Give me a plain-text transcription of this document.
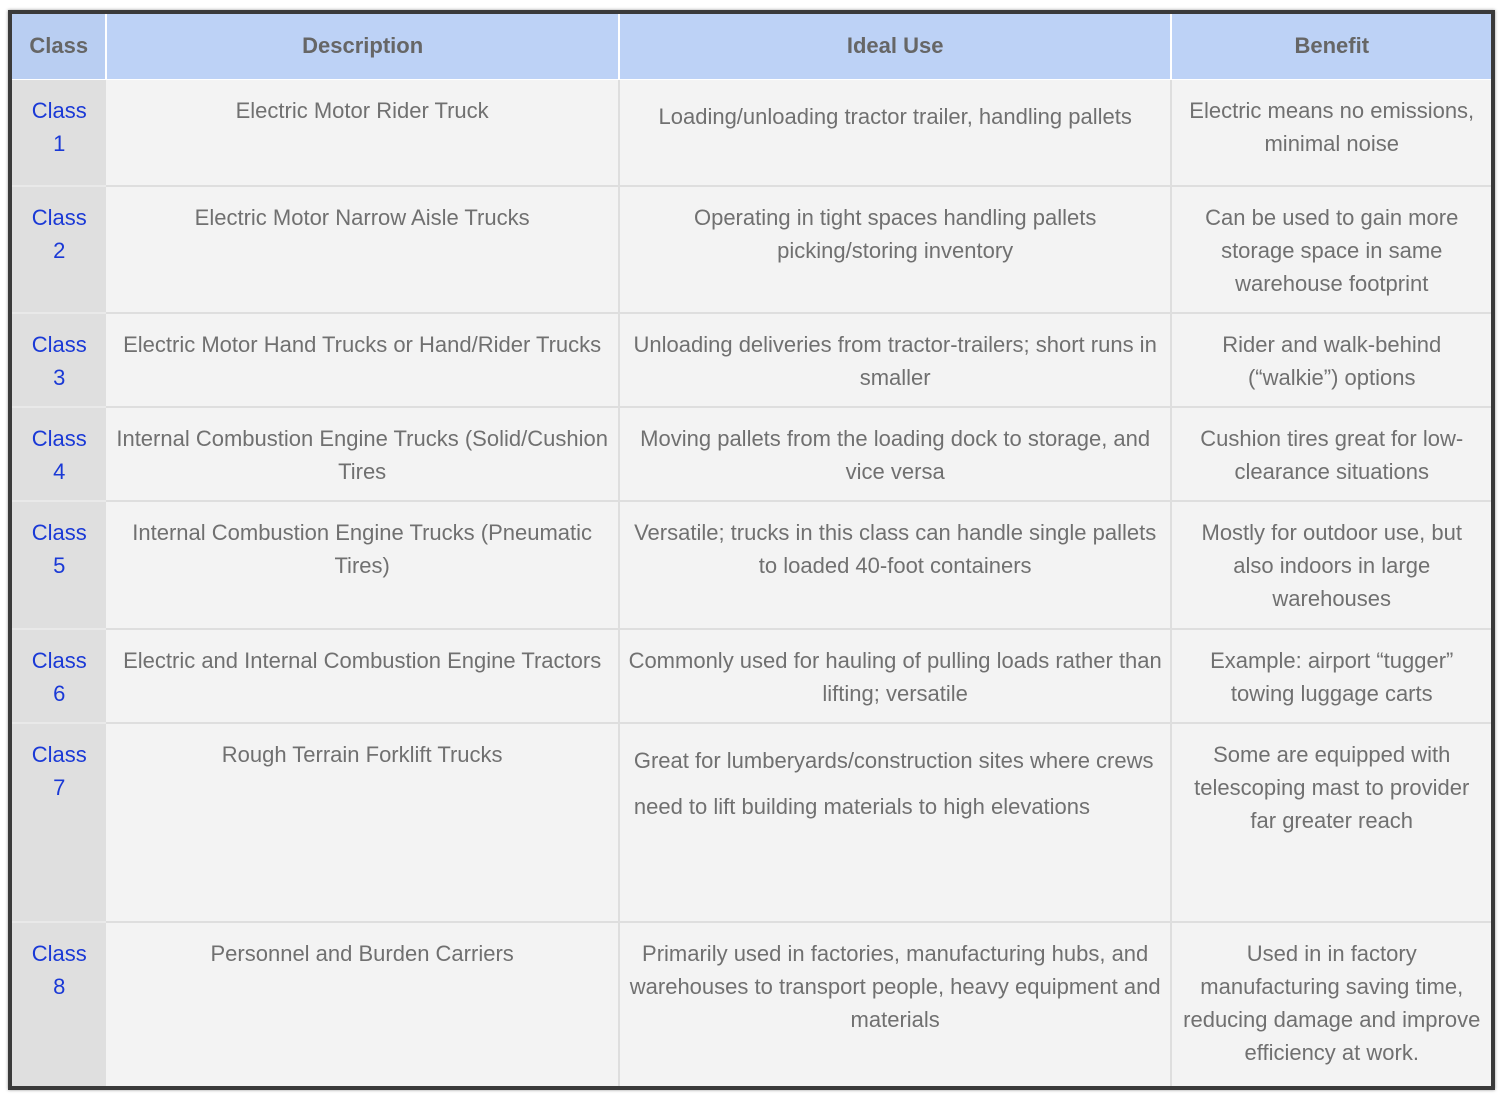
Class	Description	Ideal Use	Benefit
Class 1	Electric Motor Rider Truck	Loading/unloading tractor trailer, handling pallets	Electric means no emissions, minimal noise
Class 2	Electric Motor Narrow Aisle Trucks	Operating in tight spaces handling pallets picking/storing inventory	Can be used to gain more storage space in same warehouse footprint
Class 3	Electric Motor Hand Trucks or Hand/Rider Trucks	Unloading deliveries from tractor-trailers; short runs in smaller	Rider and walk-behind (“walkie”) options
Class 4	Internal Combustion Engine Trucks (Solid/Cushion Tires	Moving pallets from the loading dock to storage, and vice versa	Cushion tires great for low-clearance situations
Class 5	Internal Combustion Engine Trucks (Pneumatic Tires)	Versatile; trucks in this class can handle single pallets to loaded 40-foot containers	Mostly for outdoor use, but also indoors in large warehouses
Class 6	Electric and Internal Combustion Engine Tractors	Commonly used for hauling of pulling loads rather than lifting; versatile	Example: airport “tugger” towing luggage carts
Class 7	Rough Terrain Forklift Trucks	Great for lumberyards/construction sites where crews need to lift building materials to high elevations	Some are equipped with telescoping mast to provider far greater reach
Class 8	Personnel and Burden Carriers	Primarily used in factories, manufacturing hubs, and warehouses to transport people, heavy equipment and materials	Used in in factory manufacturing saving time, reducing damage and improve efficiency at work.
